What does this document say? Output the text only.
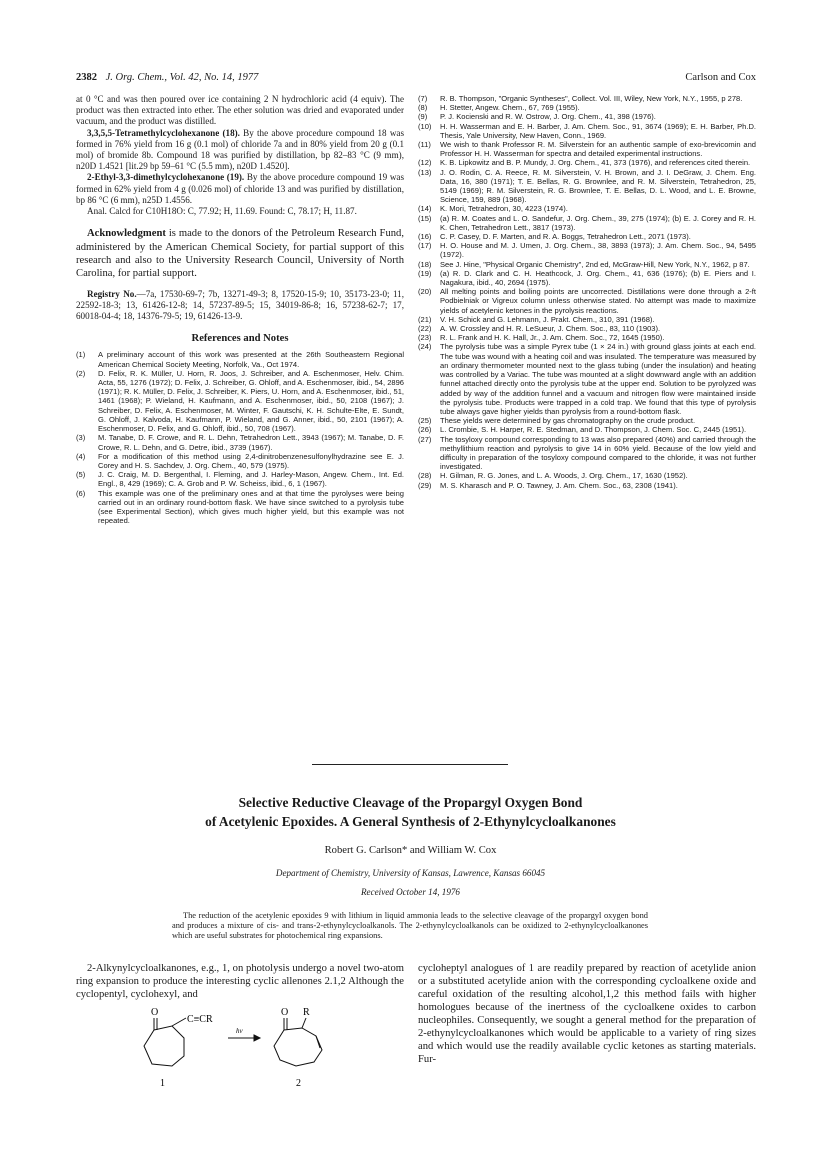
2382 J. Org. Chem., Vol. 42, No. 14, 1977	Carlson and Cox

at 0 °C and was then poured over ice containing 2 N hydrochloric acid (4 equiv). The product was then extracted into ether. The ether solution was dried and evaporated under vacuum, and the product was distilled.

3,3,5,5-Tetramethylcyclohexanone (18). By the above procedure compound 18 was formed in 76% yield from 16 g (0.1 mol) of chloride 7a and in 80% yield from 20 g (0.1 mol) of bromide 8b. Compound 18 was purified by distillation, bp 82–83 °C (9 mm), n20D 1.4521 [lit.29 bp 59–61 °C (5.5 mm), n20D 1.4520].

2-Ethyl-3,3-dimethylcyclohexanone (19). By the above procedure compound 19 was formed in 62% yield from 4 g (0.026 mol) of chloride 13 and was purified by distillation, bp 86 °C (6 mm), n25D 1.4556.

Anal. Calcd for C10H18O: C, 77.92; H, 11.69. Found: C, 78.17; H, 11.87.

Acknowledgment is made to the donors of the Petroleum Research Fund, administered by the American Chemical Society, for partial support of this research and also to the University Research Council, University of North Carolina, for partial support.

Registry No.—7a, 17530-69-7; 7b, 13271-49-3; 8, 17520-15-9; 10, 35173-23-0; 11, 22592-18-3; 13, 61426-12-8; 14, 57237-89-5; 15, 34019-86-8; 16, 57238-62-7; 17, 60018-04-4; 18, 14376-79-5; 19, 61426-13-9.

References and Notes
(1)	A preliminary account of this work was presented at the 26th Southeastern Regional American Chemical Society Meeting, Norfolk, Va., Oct 1974.
(2)	D. Felix, R. K. Müller, U. Horn, R. Joos, J. Schreiber, and A. Eschenmoser, Helv. Chim. Acta, 55, 1276 (1972); D. Felix, J. Schreiber, G. Ohloff, and A. Eschenmoser, ibid., 54, 2896 (1971); R. K. Müller, D. Felix, J. Schreiber, K. Piers, U. Horn, and A. Eschenmoser, ibid., 51, 1461 (1968); P. Wieland, H. Kaufmann, and A. Eschenmoser, ibid., 50, 2108 (1967); J. Schreiber, D. Felix, A. Eschenmoser, M. Winter, F. Gautschi, K. H. Schulte-Elte, E. Sundt, G. Ohloff, J. Kalvoda, H. Kaufmann, P. Wieland, and G. Anner, ibid., 50, 2101 (1967); A. Eschenmoser, D. Felix, and G. Ohloff, ibid., 50, 708 (1967).
(3)	M. Tanabe, D. F. Crowe, and R. L. Dehn, Tetrahedron Lett., 3943 (1967); M. Tanabe, D. F. Crowe, R. L. Dehn, and G. Detre, ibid., 3739 (1967).
(4)	For a modification of this method using 2,4-dinitrobenzenesulfonylhydrazine see E. J. Corey and H. S. Sachdev, J. Org. Chem., 40, 579 (1975).
(5)	J. C. Craig, M. D. Bergenthal, I. Fleming, and J. Harley-Mason, Angew. Chem., Int. Ed. Engl., 8, 429 (1969); C. A. Grob and P. W. Scheiss, ibid., 6, 1 (1967).
(6)	This example was one of the preliminary ones and at that time the pyrolyses were being carried out in an ordinary round-bottom flask. We have since switched to a pyrolysis tube (see Experimental Section), which gives much higher yield, but this example was not repeated.
(7)	R. B. Thompson, "Organic Syntheses", Collect. Vol. III, Wiley, New York, N.Y., 1955, p 278.
(8)	H. Stetter, Angew. Chem., 67, 769 (1955).
(9)	P. J. Kocienski and R. W. Ostrow, J. Org. Chem., 41, 398 (1976).
(10)	H. H. Wasserman and E. H. Barber, J. Am. Chem. Soc., 91, 3674 (1969); E. H. Barber, Ph.D. Thesis, Yale University, New Haven, Conn., 1969.
(11)	We wish to thank Professor R. M. Silverstein for an authentic sample of exo-brevicomin and Professor H. H. Wasserman for spectra and detailed experimental instructions.
(12)	K. B. Lipkowitz and B. P. Mundy, J. Org. Chem., 41, 373 (1976), and references cited therein.
(13)	J. O. Rodin, C. A. Reece, R. M. Silverstein, V. H. Brown, and J. I. DeGraw, J. Chem. Eng. Data, 16, 380 (1971); T. E. Bellas, R. G. Brownlee, and R. M. Silverstein, Tetrahedron, 25, 5149 (1969); R. M. Silverstein, R. G. Brownlee, T. E. Bellas, D. L. Wood, and L. E. Browne, Science, 159, 889 (1968).
(14)	K. Mori, Tetrahedron, 30, 4223 (1974).
(15)	(a) R. M. Coates and L. O. Sandefur, J. Org. Chem., 39, 275 (1974); (b) E. J. Corey and R. H. K. Chen, Tetrahedron Lett., 3817 (1973).
(16)	C. P. Casey, D. F. Marten, and R. A. Boggs, Tetrahedron Lett., 2071 (1973).
(17)	H. O. House and M. J. Umen, J. Org. Chem., 38, 3893 (1973); J. Am. Chem. Soc., 94, 5495 (1972).
(18)	See J. Hine, "Physical Organic Chemistry", 2nd ed, McGraw-Hill, New York, N.Y., 1962, p 87.
(19)	(a) R. D. Clark and C. H. Heathcock, J. Org. Chem., 41, 636 (1976); (b) E. Piers and I. Nagakura, ibid., 40, 2694 (1975).
(20)	All melting points and boiling points are uncorrected. Distillations were done through a 2-ft Podbielniak or Vigreux column unless otherwise stated. No attempt was made to maximize yields of acetylenic ketones in the pyrolysis reactions.
(21)	V. H. Schick and G. Lehmann, J. Prakt. Chem., 310, 391 (1968).
(22)	A. W. Crossley and H. R. LeSueur, J. Chem. Soc., 83, 110 (1903).
(23)	R. L. Frank and H. K. Hall, Jr., J. Am. Chem. Soc., 72, 1645 (1950).
(24)	The pyrolysis tube was a simple Pyrex tube (1 × 24 in.) with ground glass joints at each end. The tube was wound with a heating coil and was insulated. The temperature was measured by an ordinary thermometer mounted next to the glass tubing (under the insulation) and heating was controlled by a Variac. The tube was mounted at a slight downward angle with an addition funnel attached directly onto the pyrolysis tube at the upper end. Solution to be pyrolyzed was added by way of the addition funnel and a vacuum and nitrogen flow were maintained inside the pyrolysis tube. Products were trapped in a cold trap. We found that this type of pyrolysis tube always gave higher yields than pyrolysis from a round-bottom flask.
(25)	These yields were determined by gas chromatography on the crude product.
(26)	L. Crombie, S. H. Harper, R. E. Stedman, and D. Thompson, J. Chem. Soc. C, 2445 (1951).
(27)	The tosyloxy compound corresponding to 13 was also prepared (40%) and carried through the methyllithium reaction and pyrolysis to give 14 in 60% yield. Because of the low yield and difficulty in preparation of the tosyloxy compound compared to the chloride, it was not further investigated.
(28)	H. Gilman, R. G. Jones, and L. A. Woods, J. Org. Chem., 17, 1630 (1952).
(29)	M. S. Kharasch and P. O. Tawney, J. Am. Chem. Soc., 63, 2308 (1941).
Selective Reductive Cleavage of the Propargyl Oxygen Bond
of Acetylenic Epoxides. A General Synthesis of 2-Ethynylcycloalkanones
Robert G. Carlson* and William W. Cox
Department of Chemistry, University of Kansas, Lawrence, Kansas 66045
Received October 14, 1976

The reduction of the acetylenic epoxides 9 with lithium in liquid ammonia leads to the selective cleavage of the propargyl oxygen bond and produces a mixture of cis- and trans-2-ethynylcycloalkanols. The 2-ethynylcycloalkanols can be oxidized to 2-ethynylcycloalkanones which are useful substrates for photochemical ring expansions.

2-Alkynylcycloalkanones, e.g., 1, on photolysis undergo a novel two-atom ring expansion to produce the interesting cyclic allenones 2.1,2 Although the cyclopentyl, cyclohexyl, and

cycloheptyl analogues of 1 are readily prepared by reaction of acetylide anion or a substituted acetylide anion with the corresponding cycloalkene oxide and careful oxidation of the resulting alcohol,1,2 this method fails with higher homologues because of the inertness of the cycloalkene oxides to carbon nucleophiles. Consequently, we sought a general method for the preparation of 2-ethynylcycloalkanones which would be applicable to a variety of ring sizes and which would use the readily available cyclic ketones as starting materials. Fur-

O
C≡CR
hν
O R
1	2
